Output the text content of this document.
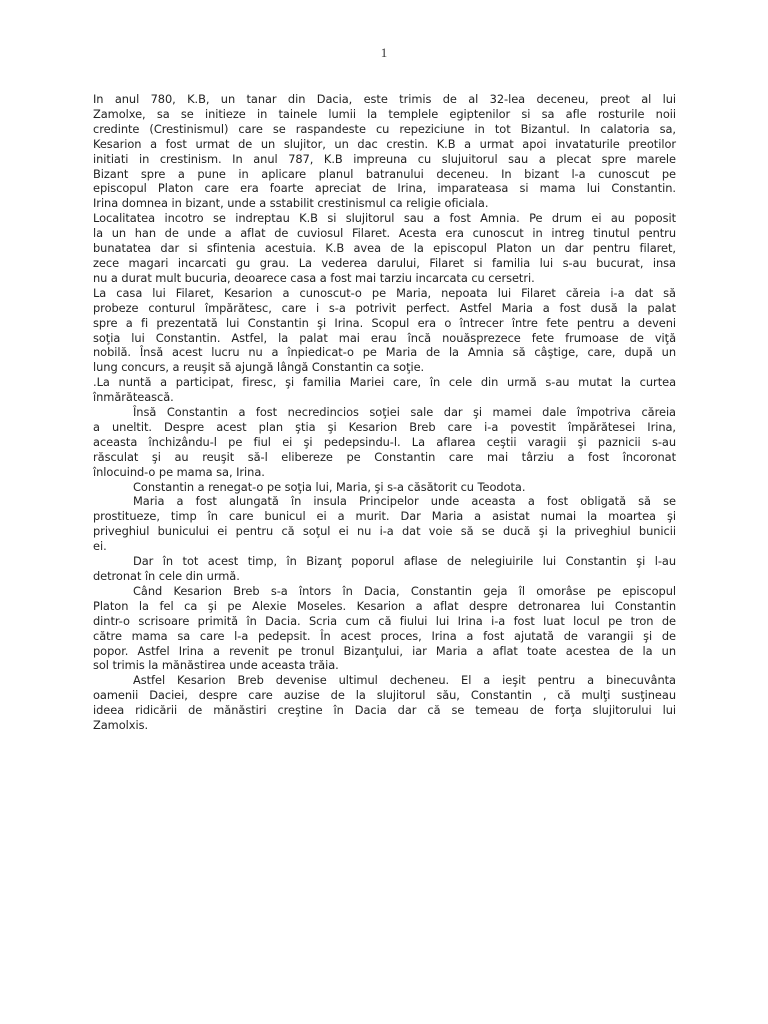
1
In anul 780, K.B, un tanar din Dacia, este trimis de al 32-lea deceneu, preot al lui
Zamolxe, sa se initieze in tainele lumii la templele egiptenilor si sa afle rosturile noii
credinte (Crestinismul) care se raspandeste cu repeziciune in tot Bizantul. In calatoria sa,
Kesarion a fost urmat de un slujitor, un dac crestin. K.B a urmat apoi invataturile preotilor
initiati in crestinism. In anul 787, K.B impreuna cu slujuitorul sau a plecat spre marele
Bizant spre a pune in aplicare planul batranului deceneu. In bizant l-a cunoscut pe
episcopul Platon care era foarte apreciat de Irina, imparateasa si mama lui Constantin.
Irina domnea in bizant, unde a sstabilit crestinismul ca religie oficiala.
Localitatea incotro se indreptau K.B si slujitorul sau a fost Amnia. Pe drum ei au poposit
la un han de unde a aflat de cuviosul Filaret. Acesta era cunoscut in intreg tinutul pentru
bunatatea dar si sfintenia acestuia. K.B avea de la episcopul Platon un dar pentru filaret,
zece magari incarcati gu grau. La vederea darului, Filaret si familia lui s-au bucurat, insa
nu a durat mult bucuria, deoarece casa a fost mai tarziu incarcata cu cersetri.
La casa lui Filaret, Kesarion a cunoscut-o pe Maria, nepoata lui Filaret căreia i-a dat să
probeze conturul împărătesc, care i s-a potrivit perfect. Astfel Maria a fost dusă la palat
spre a fi prezentată lui Constantin şi Irina. Scopul era o întrecer între fete pentru a deveni
soţia lui Constantin. Astfel, la palat mai erau încă nouăsprezece fete frumoase de viţă
nobilă. Însă acest lucru nu a înpiedicat-o pe Maria de la Amnia să câştige, care, după un
lung concurs, a reuşit să ajungă lângă Constantin ca soţie.
.La nuntă a participat, firesc, şi familia Mariei care, în cele din urmă s-au mutat la curtea
înmărătească.
Însă Constantin a fost necredincios soţiei sale dar şi mamei dale împotriva căreia
a uneltit. Despre acest plan ştia şi Kesarion Breb care i-a povestit împărătesei Irina,
aceasta închizându-l pe fiul ei şi pedepsindu-l. La aflarea ceştii varagii şi paznicii s-au
răsculat şi au reuşit să-l elibereze pe Constantin care mai târziu a fost încoronat
înlocuind-o pe mama sa, Irina.
Constantin a renegat-o pe soţia lui, Maria, şi s-a căsătorit cu Teodota.
Maria a fost alungată în insula Principelor unde aceasta a fost obligată să se
prostitueze, timp în care bunicul ei a murit. Dar Maria a asistat numai la moartea şi
priveghiul bunicului ei pentru că soţul ei nu i-a dat voie să se ducă şi la priveghiul bunicii
ei.
Dar în tot acest timp, în Bizanţ poporul aflase de nelegiuirile lui Constantin şi l-au
detronat în cele din urmă.
Când Kesarion Breb s-a întors în Dacia, Constantin geja îl omorâse pe episcopul
Platon la fel ca şi pe Alexie Moseles. Kesarion a aflat despre detronarea lui Constantin
dintr-o scrisoare primită în Dacia. Scria cum că fiului lui Irina i-a fost luat locul pe tron de
către mama sa care l-a pedepsit. În acest proces, Irina a fost ajutată de varangii şi de
popor. Astfel Irina a revenit pe tronul Bizanţului, iar Maria a aflat toate acestea de la un
sol trimis la mănăstirea unde aceasta trăia.
Astfel Kesarion Breb devenise ultimul decheneu. El a ieşit pentru a binecuvânta
oamenii Daciei, despre care auzise de la slujitorul său, Constantin , că mulţi susţineau
ideea ridicării de mănăstiri creştine în Dacia dar că se temeau de forţa slujitorului lui
Zamolxis.
